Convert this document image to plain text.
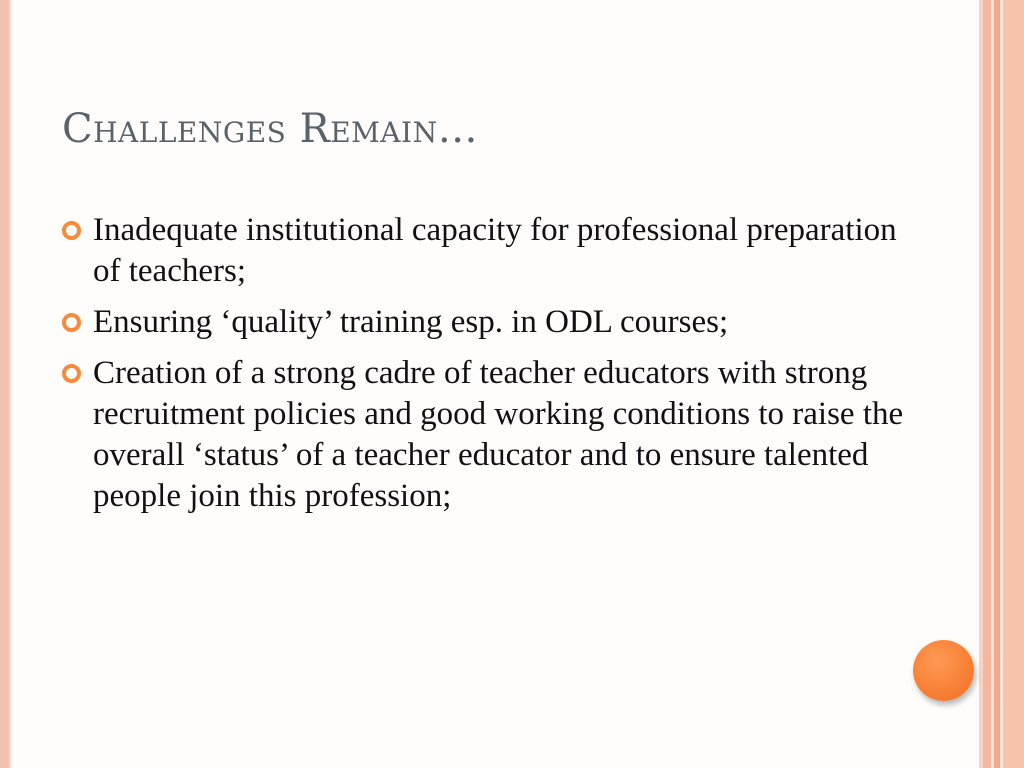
Challenges Remain…
Inadequate institutional capacity for professional preparation of teachers;
Ensuring ‘quality’ training esp. in ODL courses;
Creation of a strong cadre of teacher educators with strong recruitment policies and good working conditions to raise the overall ‘status’ of a teacher educator and to ensure talented people join this profession;
